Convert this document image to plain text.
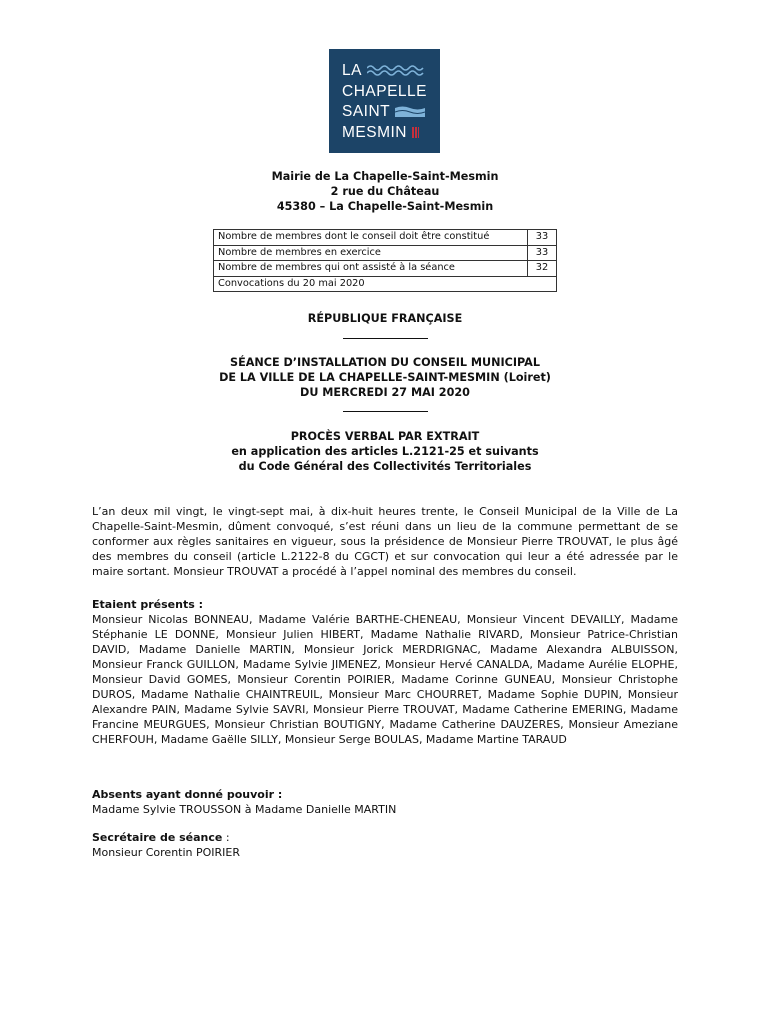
LA
CHAPELLE
SAINT
MESMIN
Mairie de La Chapelle-Saint-Mesmin
2 rue du Château
45380 – La Chapelle-Saint-Mesmin
Nombre de membres dont le conseil doit être constitué	33
Nombre de membres en exercice	33
Nombre de membres qui ont assisté à la séance	32
Convocations du 20 mai 2020	
RÉPUBLIQUE FRANÇAISE
SÉANCE D’INSTALLATION DU CONSEIL MUNICIPAL
DE LA VILLE DE LA CHAPELLE-SAINT-MESMIN (Loiret)
DU MERCREDI 27 MAI 2020
PROCÈS VERBAL PAR EXTRAIT
en application des articles L.2121-25 et suivants
du Code Général des Collectivités Territoriales
L’an deux mil vingt, le vingt-sept mai, à dix-huit heures trente, le Conseil Municipal de la Ville de La Chapelle-Saint-Mesmin, dûment convoqué, s’est réuni dans un lieu de la commune permettant de se conformer aux règles sanitaires en vigueur, sous la présidence de Monsieur Pierre TROUVAT, le plus âgé des membres du conseil (article L.2122-8 du CGCT) et sur convocation qui leur a été adressée par le maire sortant. Monsieur TROUVAT a procédé à l’appel nominal des membres du conseil.
Etaient présents :
Monsieur Nicolas BONNEAU, Madame Valérie BARTHE-CHENEAU, Monsieur Vincent DEVAILLY, Madame Stéphanie LE DONNE, Monsieur Julien HIBERT, Madame Nathalie RIVARD, Monsieur Patrice-Christian DAVID, Madame Danielle MARTIN, Monsieur Jorick MERDRIGNAC, Madame Alexandra ALBUISSON, Monsieur Franck GUILLON, Madame Sylvie JIMENEZ, Monsieur Hervé CANALDA, Madame Aurélie ELOPHE, Monsieur David GOMES, Monsieur Corentin POIRIER, Madame Corinne GUNEAU, Monsieur Christophe DUROS, Madame Nathalie CHAINTREUIL, Monsieur Marc CHOURRET, Madame Sophie DUPIN, Monsieur Alexandre PAIN, Madame Sylvie SAVRI, Monsieur Pierre TROUVAT, Madame Catherine EMERING, Madame Francine MEURGUES, Monsieur Christian BOUTIGNY, Madame Catherine DAUZERES, Monsieur Ameziane CHERFOUH, Madame Gaëlle SILLY, Monsieur Serge BOULAS, Madame Martine TARAUD
Absents ayant donné pouvoir :
Madame Sylvie TROUSSON à Madame Danielle MARTIN
Secrétaire de séance :
Monsieur Corentin POIRIER
